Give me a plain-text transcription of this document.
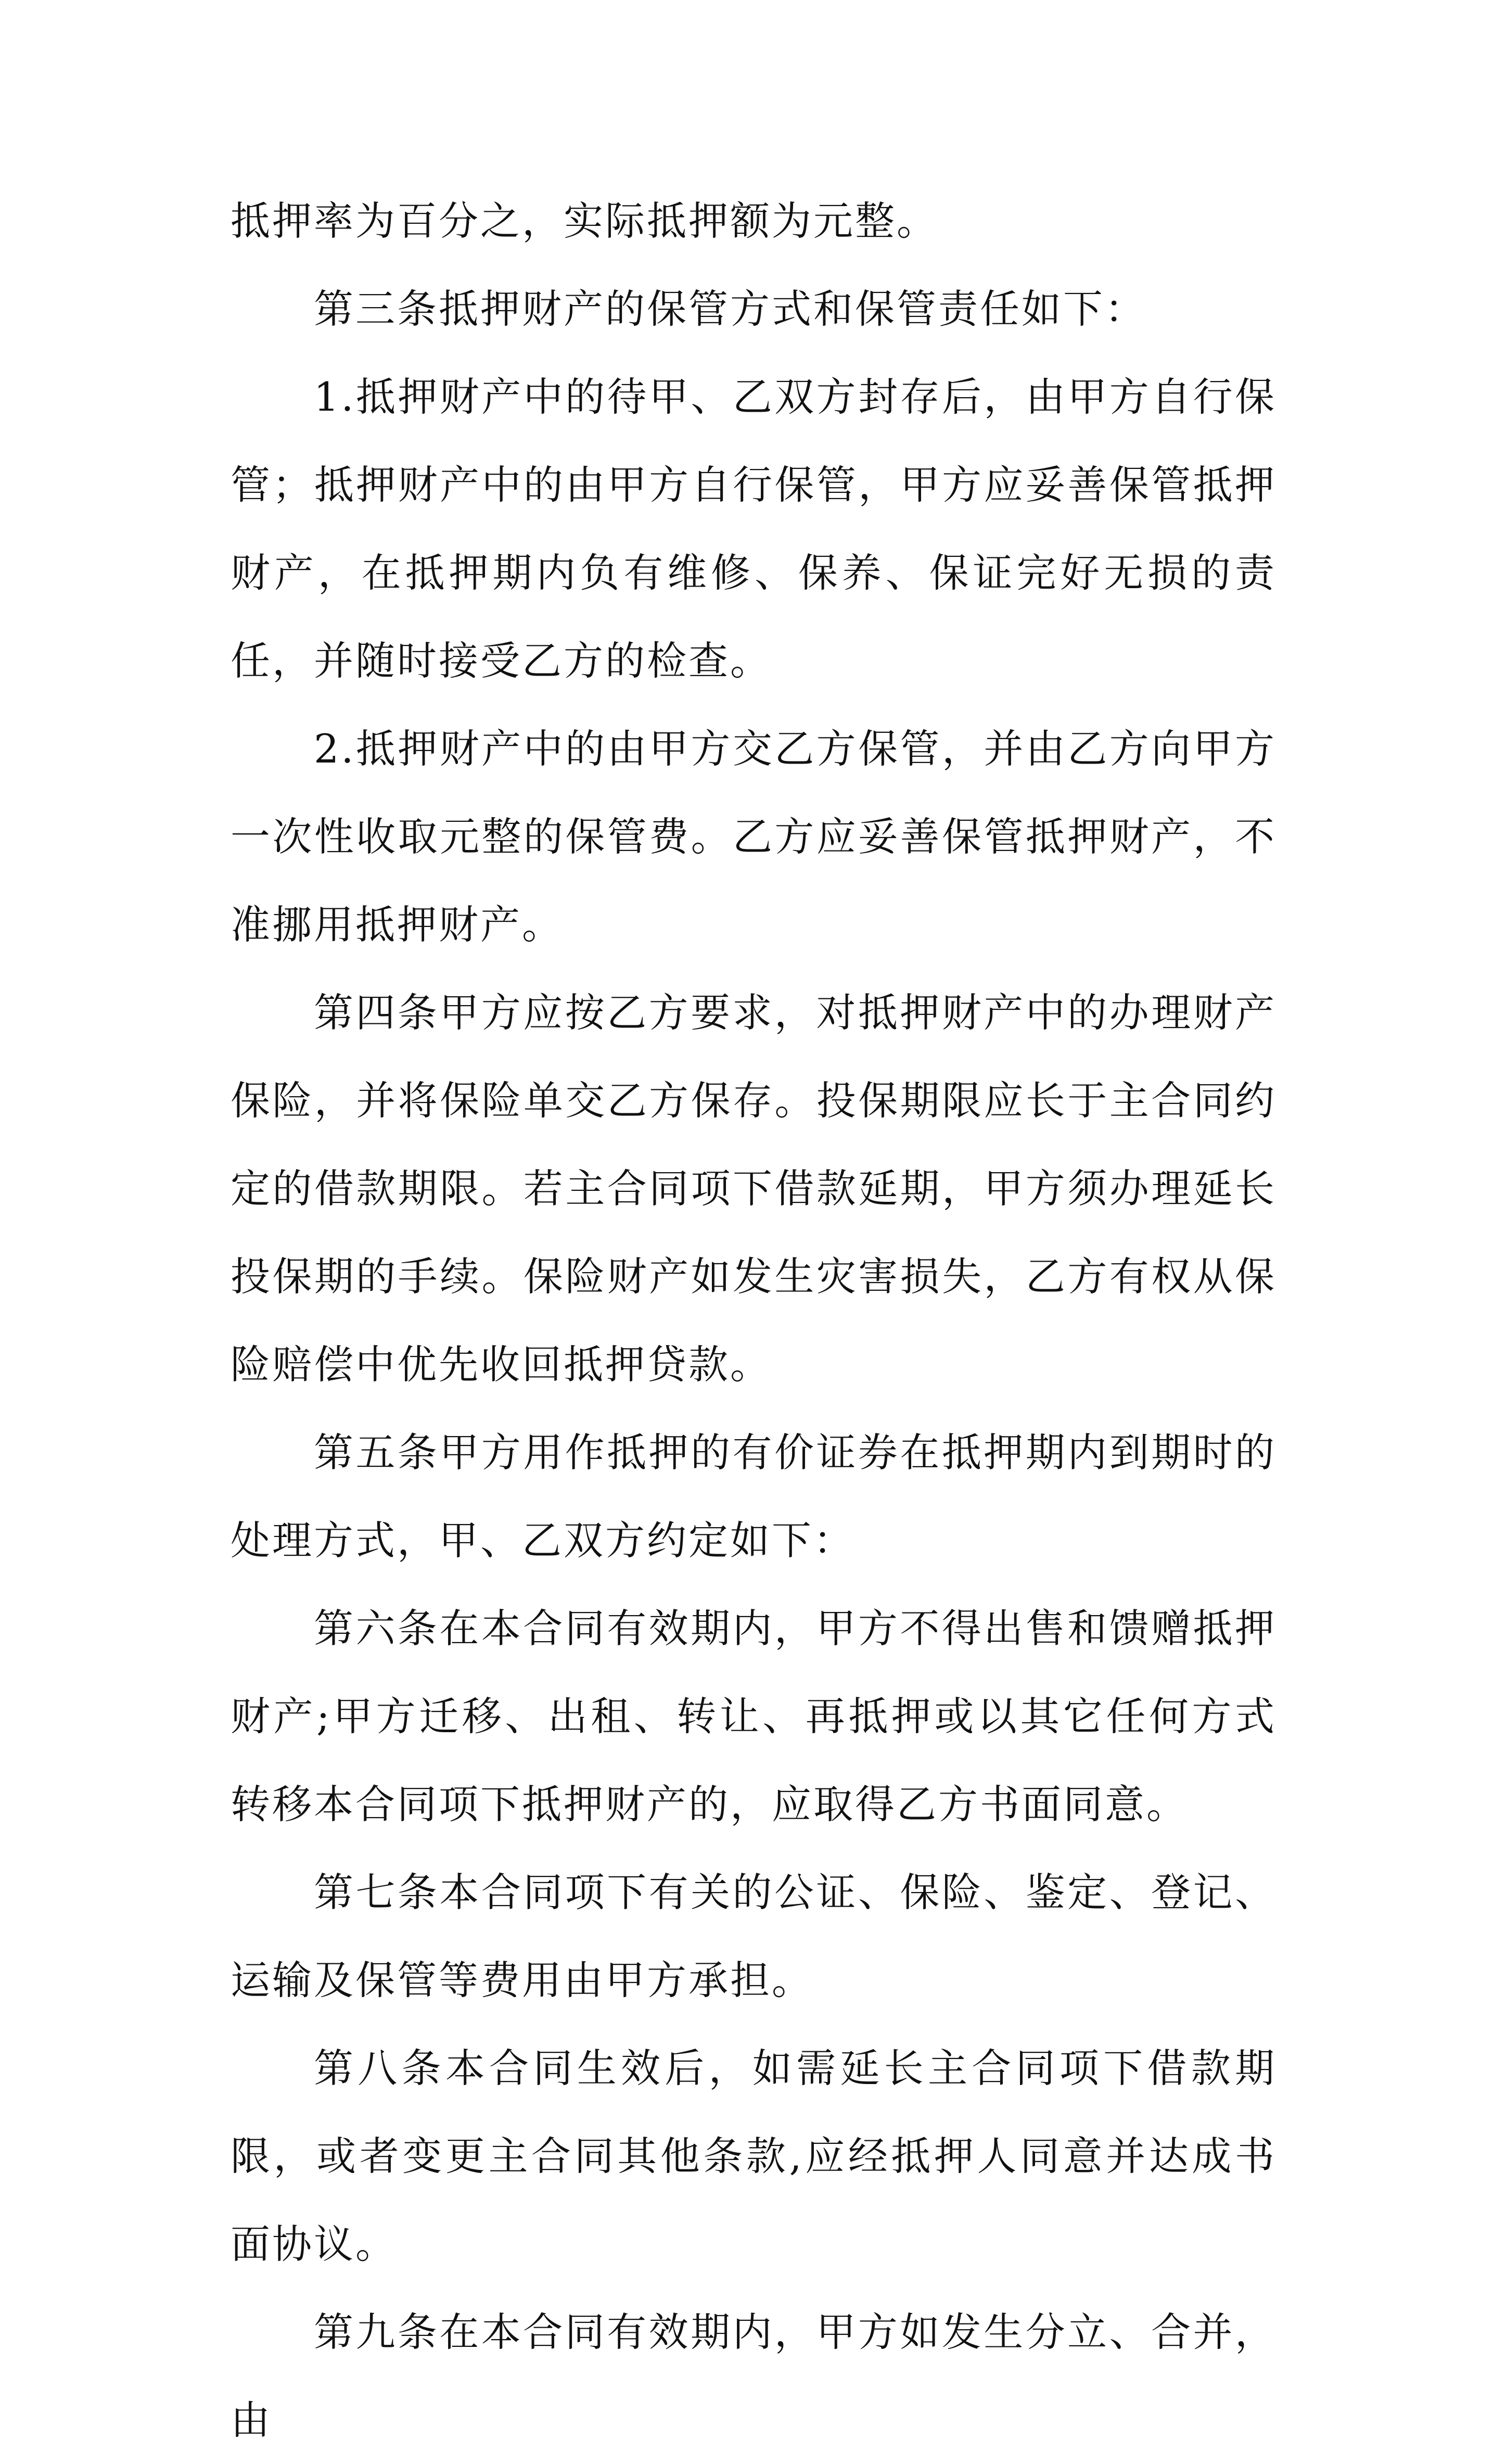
抵押率为百分之，实际抵押额为元整。

第三条抵押财产的保管方式和保管责任如下：

1.抵押财产中的待甲、乙双方封存后，由甲方自行保管；抵押财产中的由甲方自行保管，甲方应妥善保管抵押财产，在抵押期内负有维修、保养、保证完好无损的责任，并随时接受乙方的检查。

2.抵押财产中的由甲方交乙方保管，并由乙方向甲方一次性收取元整的保管费。乙方应妥善保管抵押财产，不准挪用抵押财产。

第四条甲方应按乙方要求，对抵押财产中的办理财产保险，并将保险单交乙方保存。投保期限应长于主合同约定的借款期限。若主合同项下借款延期，甲方须办理延长投保期的手续。保险财产如发生灾害损失，乙方有权从保险赔偿中优先收回抵押贷款。

第五条甲方用作抵押的有价证券在抵押期内到期时的处理方式，甲、乙双方约定如下：

第六条在本合同有效期内，甲方不得出售和馈赠抵押财产;甲方迁移、出租、转让、再抵押或以其它任何方式转移本合同项下抵押财产的，应取得乙方书面同意。

第七条本合同项下有关的公证、保险、鉴定、登记、运输及保管等费用由甲方承担。

第八条本合同生效后，如需延长主合同项下借款期限，或者变更主合同其他条款,应经抵押人同意并达成书面协议。

第九条在本合同有效期内，甲方如发生分立、合并，由
